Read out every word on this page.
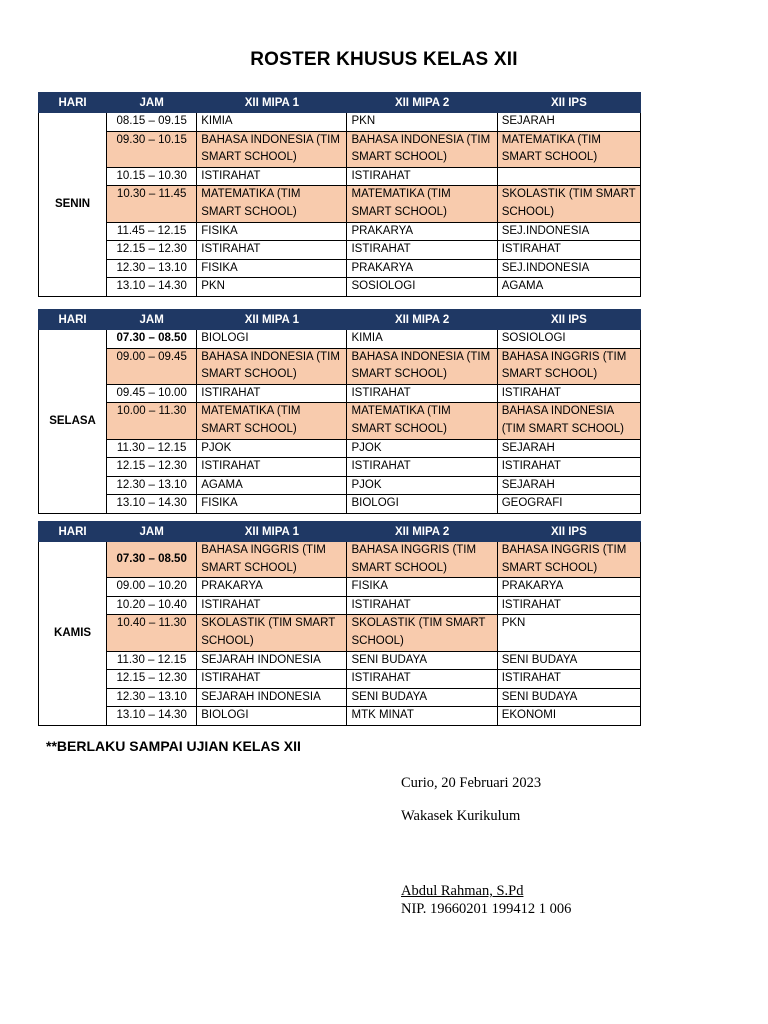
ROSTER KHUSUS KELAS XII
HARI	JAM	XII MIPA 1	XII MIPA 2	XII IPS
SENIN	08.15 – 09.15	KIMIA	PKN	SEJARAH
	09.30 – 10.15	BAHASA INDONESIA (TIM SMART SCHOOL)	BAHASA INDONESIA (TIM SMART SCHOOL)	MATEMATIKA (TIM SMART SCHOOL)
	10.15 – 10.30	ISTIRAHAT	ISTIRAHAT	
	10.30 – 11.45	MATEMATIKA (TIM SMART SCHOOL)	MATEMATIKA (TIM SMART SCHOOL)	SKOLASTIK (TIM SMART SCHOOL)
	11.45 – 12.15	FISIKA	PRAKARYA	SEJ.INDONESIA
	12.15 – 12.30	ISTIRAHAT	ISTIRAHAT	ISTIRAHAT
	12.30 – 13.10	FISIKA	PRAKARYA	SEJ.INDONESIA
	13.10 – 14.30	PKN	SOSIOLOGI	AGAMA
HARI	JAM	XII MIPA 1	XII MIPA 2	XII IPS
SELASA	07.30 – 08.50	BIOLOGI	KIMIA	SOSIOLOGI
	09.00 – 09.45	BAHASA INDONESIA (TIM SMART SCHOOL)	BAHASA INDONESIA (TIM SMART SCHOOL)	BAHASA INGGRIS (TIM SMART SCHOOL)
	09.45 – 10.00	ISTIRAHAT	ISTIRAHAT	ISTIRAHAT
	10.00 – 11.30	MATEMATIKA (TIM SMART SCHOOL)	MATEMATIKA (TIM SMART SCHOOL)	BAHASA INDONESIA (TIM SMART SCHOOL)
	11.30 – 12.15	PJOK	PJOK	SEJARAH
	12.15 – 12.30	ISTIRAHAT	ISTIRAHAT	ISTIRAHAT
	12.30 – 13.10	AGAMA	PJOK	SEJARAH
	13.10 – 14.30	FISIKA	BIOLOGI	GEOGRAFI
HARI	JAM	XII MIPA 1	XII MIPA 2	XII IPS
KAMIS	07.30 – 08.50	BAHASA INGGRIS (TIM SMART SCHOOL)	BAHASA INGGRIS (TIM SMART SCHOOL)	BAHASA INGGRIS (TIM SMART SCHOOL)
	09.00 – 10.20	PRAKARYA	FISIKA	PRAKARYA
	10.20 – 10.40	ISTIRAHAT	ISTIRAHAT	ISTIRAHAT
	10.40 – 11.30	SKOLASTIK (TIM SMART SCHOOL)	SKOLASTIK (TIM SMART SCHOOL)	PKN
	11.30 – 12.15	SEJARAH INDONESIA	SENI BUDAYA	SENI BUDAYA
	12.15 – 12.30	ISTIRAHAT	ISTIRAHAT	ISTIRAHAT
	12.30 – 13.10	SEJARAH INDONESIA	SENI BUDAYA	SENI BUDAYA
	13.10 – 14.30	BIOLOGI	MTK MINAT	EKONOMI
**BERLAKU SAMPAI UJIAN KELAS XII
Curio, 20 Februari 2023
Wakasek Kurikulum
Abdul Rahman, S.Pd
NIP. 19660201 199412 1 006
